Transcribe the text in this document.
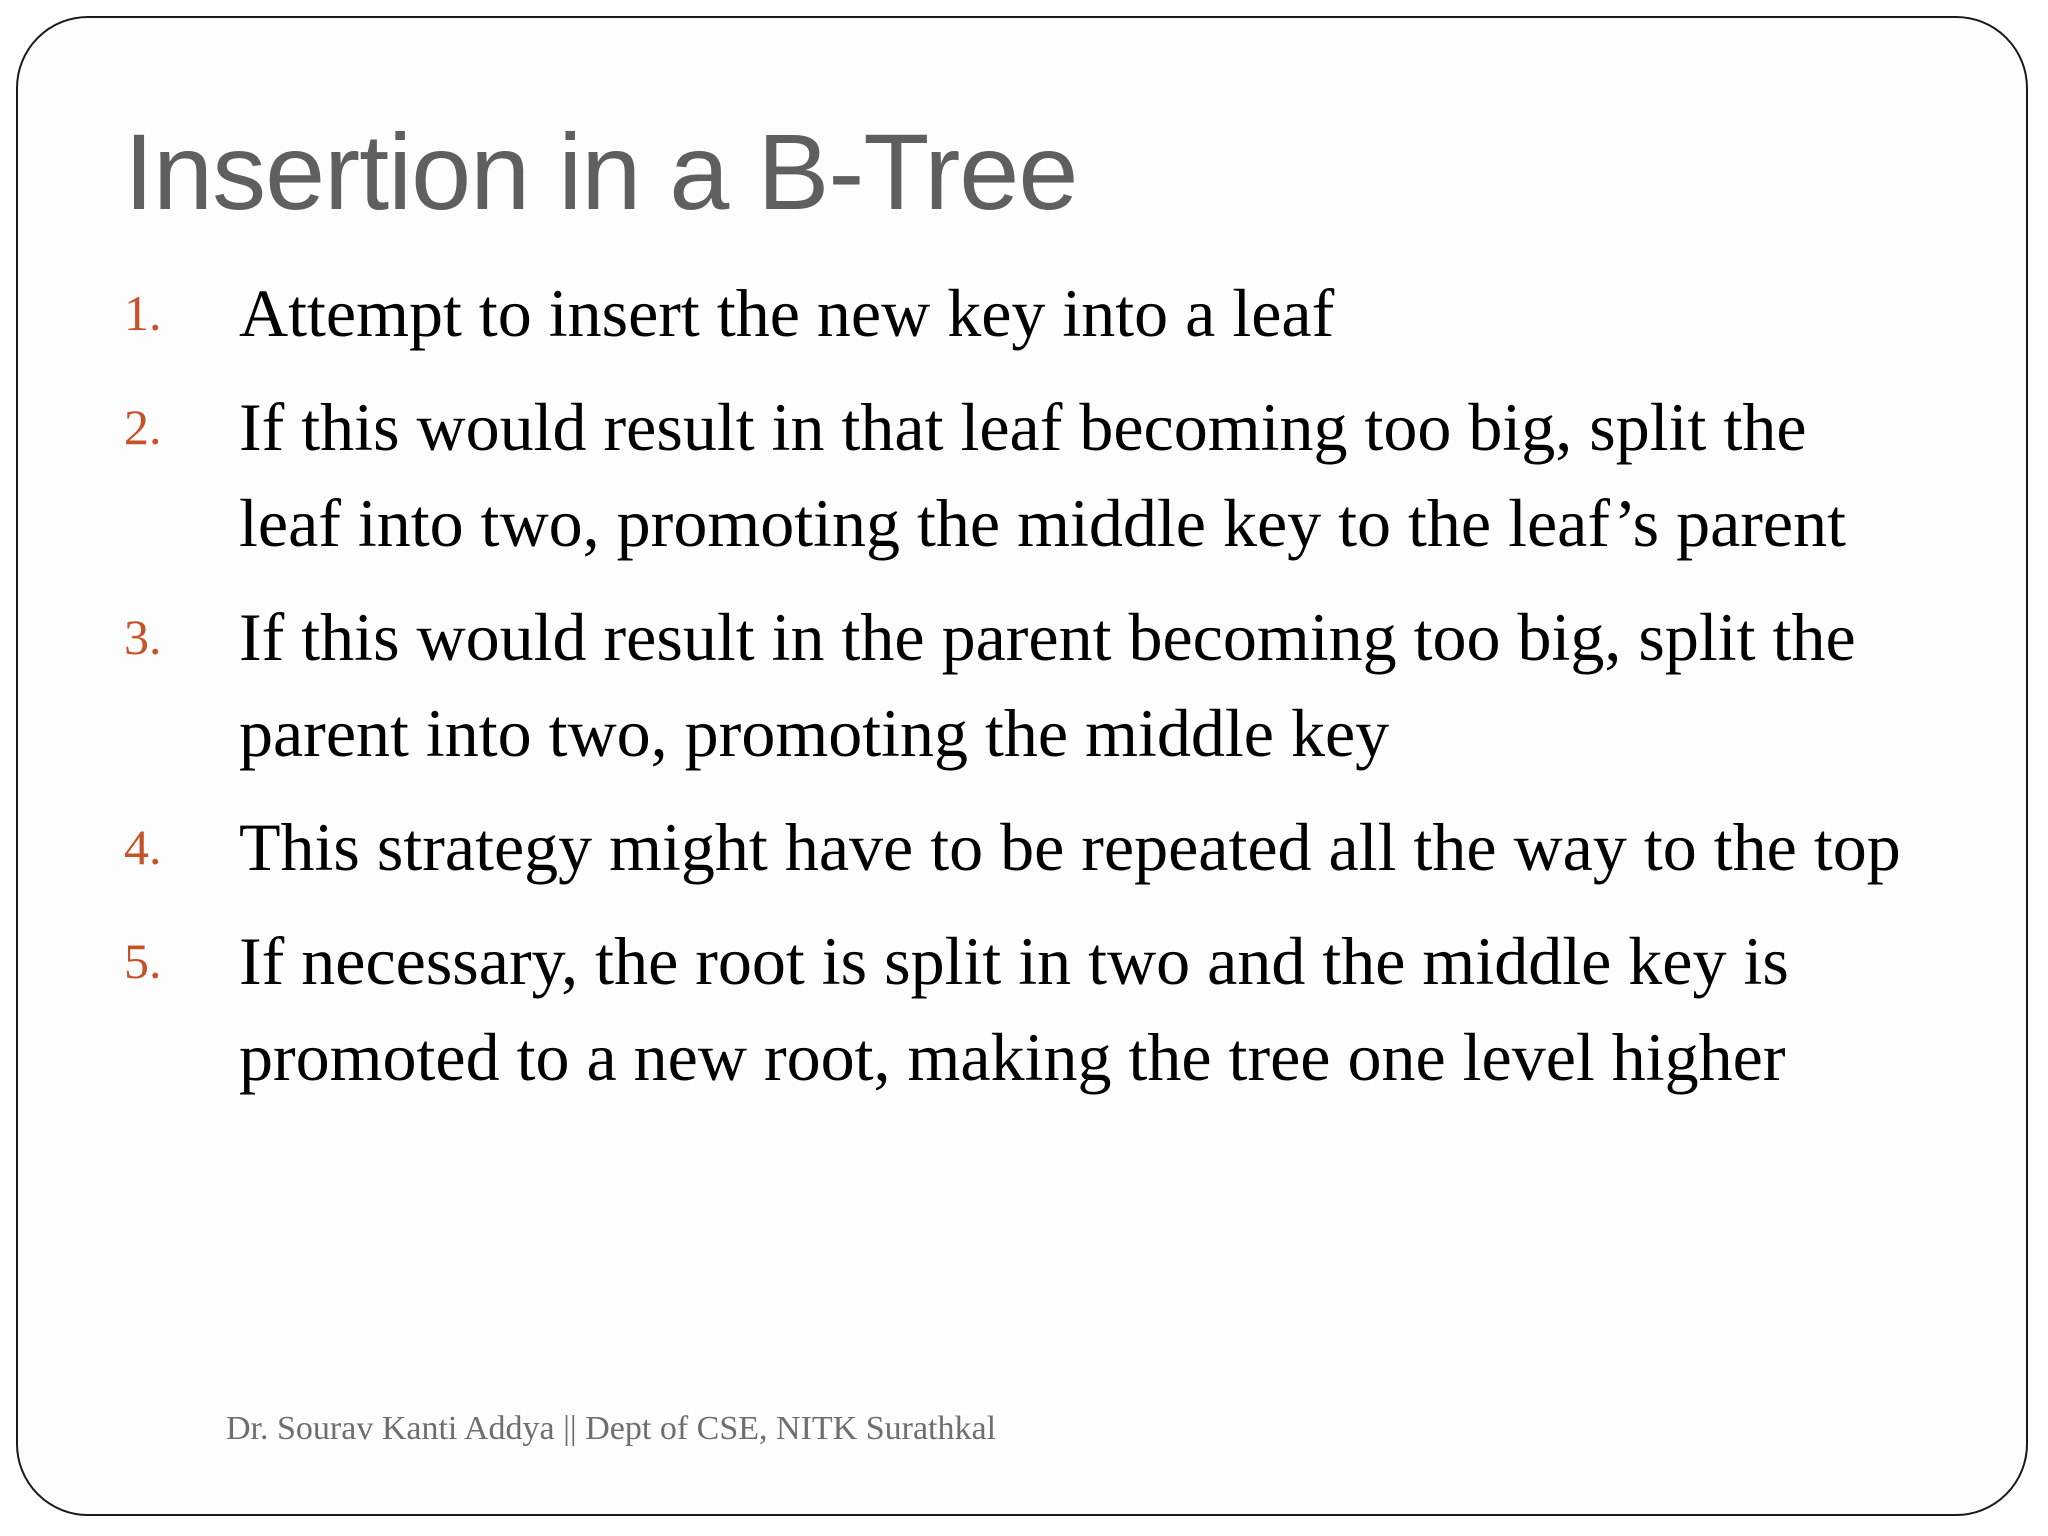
Insertion in a B-Tree
1.	Attempt to insert the new key into a leaf
2.	If this would result in that leaf becoming too big, split the leaf into two, promoting the middle key to the leaf’s parent
3.	If this would result in the parent becoming too big, split the parent into two, promoting the middle key
4.	This strategy might have to be repeated all the way to the top
5.	If necessary, the root is split in two and the middle key is promoted to a new root, making the tree one level higher
Dr. Sourav Kanti Addya || Dept of CSE, NITK Surathkal
